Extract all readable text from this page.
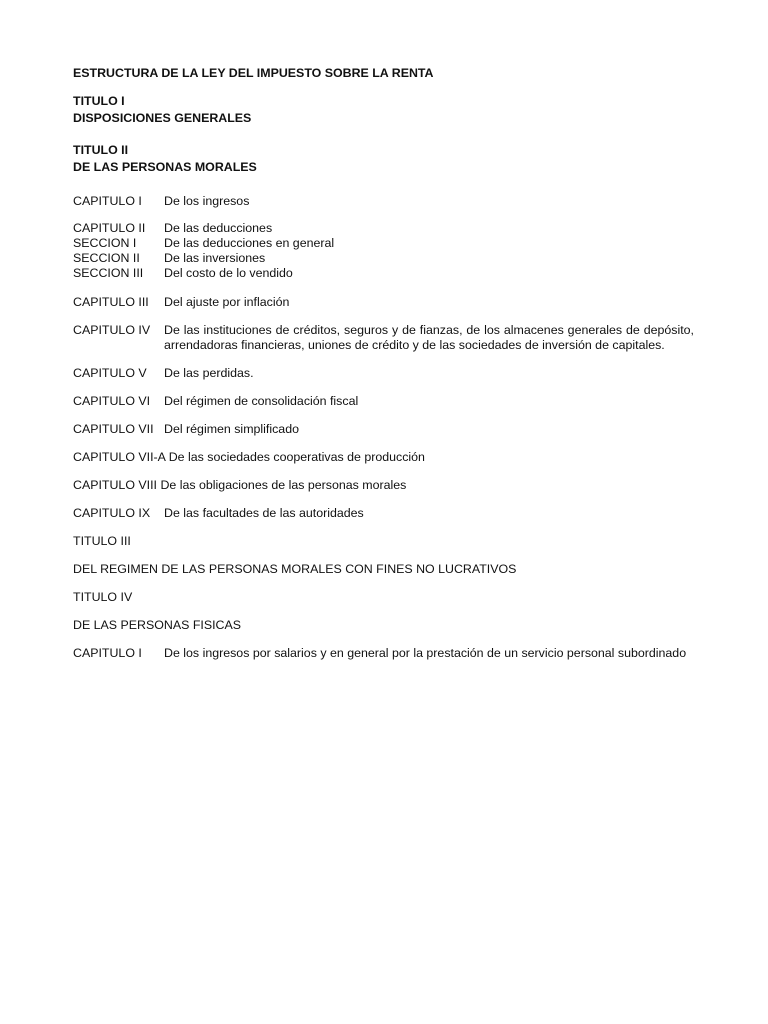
ESTRUCTURA DE LA LEY DEL IMPUESTO SOBRE LA RENTA

TITULO I
DISPOSICIONES GENERALES
TITULO II
DE LAS PERSONAS MORALES
CAPITULO I	De los ingresos
CAPITULO II	De las deducciones
SECCION I	De las deducciones en general
SECCION II	De las inversiones
SECCION III	Del costo de lo vendido
CAPITULO III	Del ajuste por inflación
CAPITULO IV	De las instituciones de créditos, seguros y de fianzas, de los almacenes generales de depósito, arrendadoras financieras, uniones de crédito y de las sociedades de inversión de capitales.
CAPITULO V	De las perdidas.
CAPITULO VI	Del régimen de consolidación fiscal
CAPITULO VII Del régimen simplificado
CAPITULO VII-A De las sociedades cooperativas de producción
CAPITULO VIII De las obligaciones de las personas morales
CAPITULO IX	De las facultades de las autoridades
TITULO III
DEL REGIMEN DE LAS PERSONAS MORALES CON FINES NO LUCRATIVOS
TITULO IV
DE LAS PERSONAS FISICAS
CAPITULO I	De los ingresos por salarios y en general por la prestación de un servicio personal subordinado
